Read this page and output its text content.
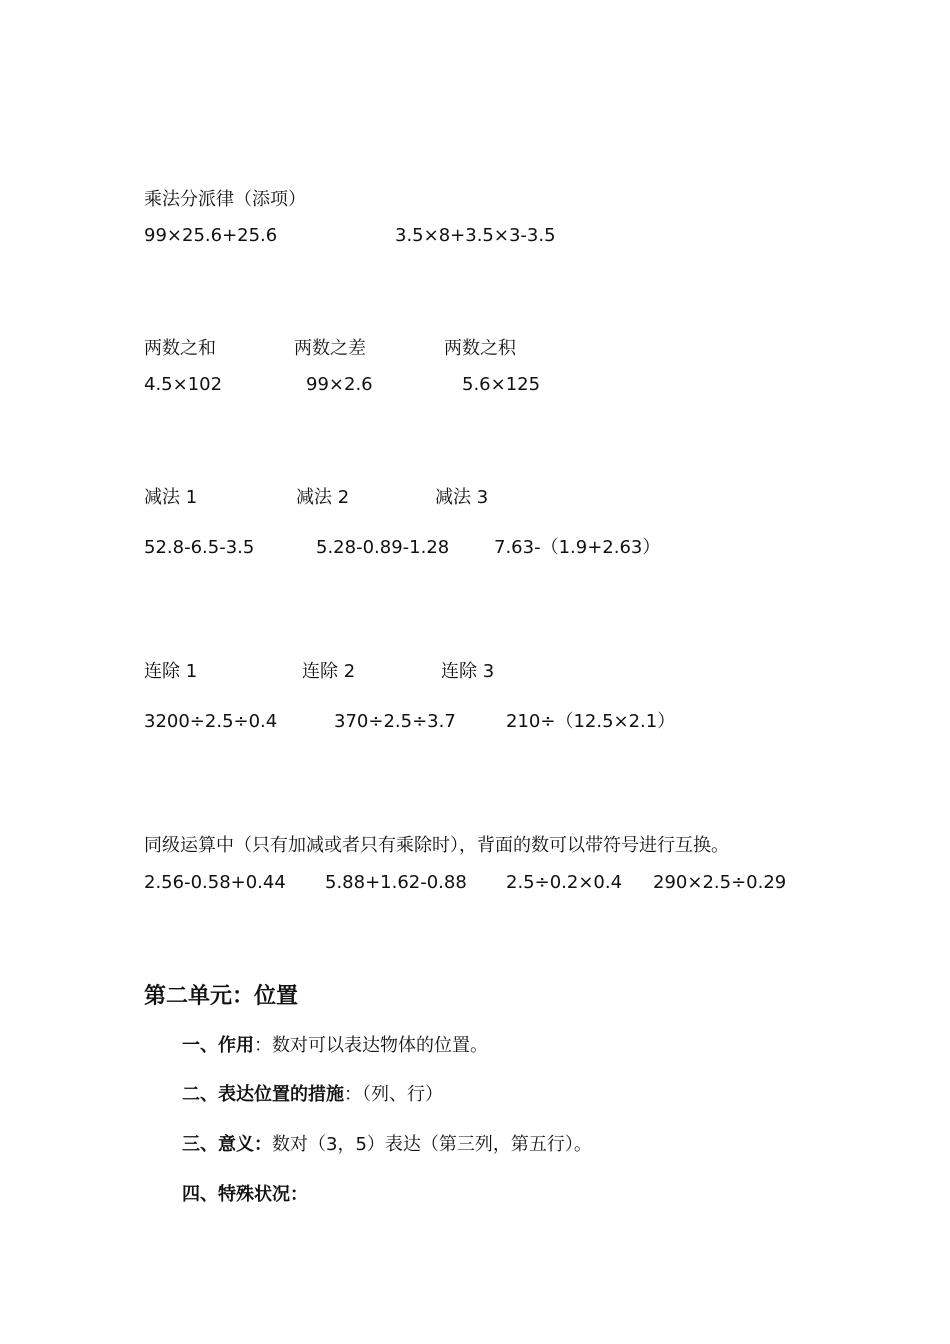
乘法分派律（添项）

99×25.6+25.6	3.5×8+3.5×3-3.5

两数之和	两数之差	两数之积

4.5×102	99×2.6	5.6×125

减法 1	减法 2	减法 3

52.8-6.5-3.5	5.28-0.89-1.28 7.63-（1.9+2.63）

连除 1	连除 2	连除 3

3200÷2.5÷0.4	370÷2.5÷3.7	210÷（12.5×2.1）

同级运算中（只有加减或者只有乘除时），背面的数可以带符号进行互换。

2.56-0.58+0.44 5.88+1.62-0.88 2.5÷0.2×0.4 290×2.5÷0.29

第二单元：位置

一、作用：数对可以表达物体的位置。

二、表达位置的措施：（列、行）

三、意义：数对（3，5）表达（第三列，第五行）。

四、特殊状况：
